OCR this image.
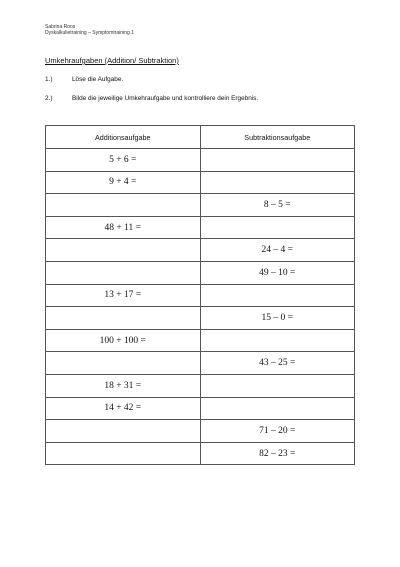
Sabrina Roos
Dyskalkulietraining – Symptomtraining 1
Umkehraufgaben (Addition/ Subtraktion)
1.)	Löse die Aufgabe.
2.)	Bilde die jeweilige Umkehraufgabe und kontrolliere dein Ergebnis.
Additionsaufgabe	Subtraktionsaufgabe
5 + 6 =	
9 + 4 =	
	8 – 5 =
48 + 11 =	
	24 – 4 =
	49 – 10 =
13 + 17 =	
	15 – 0 =
100 + 100 =	
	43 – 25 =
18 + 31 =	
14 + 42 =	
	71 – 20 =
	82 – 23 =
